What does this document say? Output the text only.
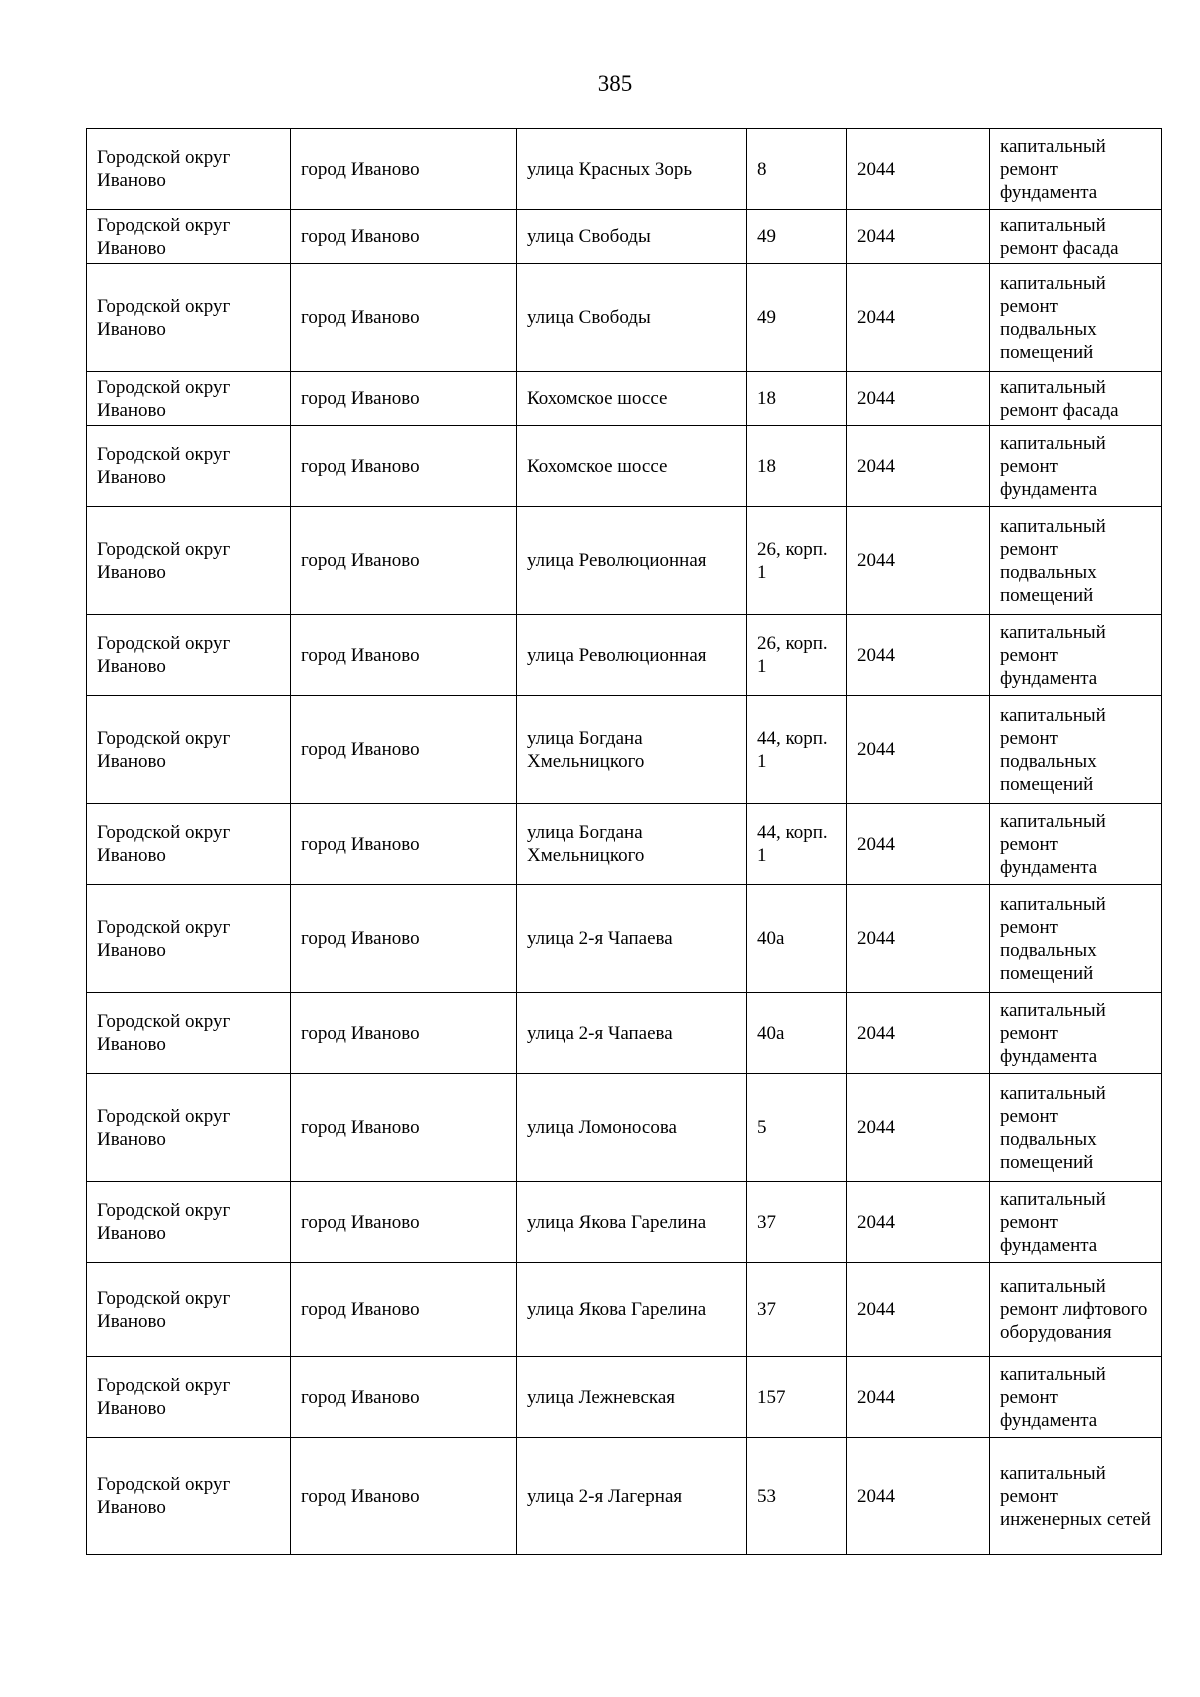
385
Городской округ Иваново	город Иваново	улица Красных Зорь	8	2044	капитальный ремонт фундамента
Городской округ Иваново	город Иваново	улица Свободы	49	2044	капитальный ремонт фасада
Городской округ Иваново	город Иваново	улица Свободы	49	2044	капитальный ремонт подвальных помещений
Городской округ Иваново	город Иваново	Кохомское шоссе	18	2044	капитальный ремонт фасада
Городской округ Иваново	город Иваново	Кохомское шоссе	18	2044	капитальный ремонт фундамента
Городской округ Иваново	город Иваново	улица Революционная	26, корп. 1	2044	капитальный ремонт подвальных помещений
Городской округ Иваново	город Иваново	улица Революционная	26, корп. 1	2044	капитальный ремонт фундамента
Городской округ Иваново	город Иваново	улица Богдана Хмельницкого	44, корп. 1	2044	капитальный ремонт подвальных помещений
Городской округ Иваново	город Иваново	улица Богдана Хмельницкого	44, корп. 1	2044	капитальный ремонт фундамента
Городской округ Иваново	город Иваново	улица 2-я Чапаева	40а	2044	капитальный ремонт подвальных помещений
Городской округ Иваново	город Иваново	улица 2-я Чапаева	40а	2044	капитальный ремонт фундамента
Городской округ Иваново	город Иваново	улица Ломоносова	5	2044	капитальный ремонт подвальных помещений
Городской округ Иваново	город Иваново	улица Якова Гарелина	37	2044	капитальный ремонт фундамента
Городской округ Иваново	город Иваново	улица Якова Гарелина	37	2044	капитальный ремонт лифтового оборудования
Городской округ Иваново	город Иваново	улица Лежневская	157	2044	капитальный ремонт фундамента
Городской округ Иваново	город Иваново	улица 2-я Лагерная	53	2044	капитальный ремонт инженерных сетей
